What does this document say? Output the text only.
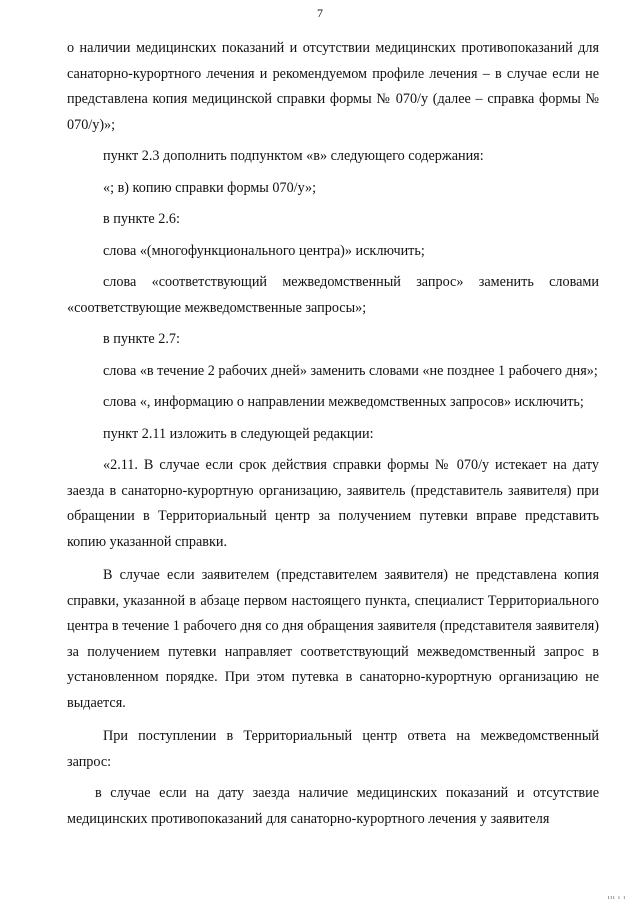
7

о наличии медицинских показаний и отсутствии медицинских противопоказаний для санаторно-курортного лечения и рекомендуемом профиле лечения – в случае если не представлена копия медицинской справки формы № 070/у (далее – справка формы № 070/у)»;

пункт 2.3 дополнить подпунктом «в» следующего содержания:

«; в) копию справки формы 070/у»;

в пункте 2.6:

слова «(многофункционального центра)» исключить;

слова «соответствующий межведомственный запрос» заменить словами «соответствующие межведомственные запросы»;

в пункте 2.7:

слова «в течение 2 рабочих дней» заменить словами «не позднее 1 рабочего дня»;

слова «, информацию о направлении межведомственных запросов» исключить;

пункт 2.11 изложить в следующей редакции:

«2.11. В случае если срок действия справки формы № 070/у истекает на дату заезда в санаторно-курортную организацию, заявитель (представитель заявителя) при обращении в Территориальный центр за получением путевки вправе представить копию указанной справки.

В случае если заявителем (представителем заявителя) не представлена копия справки, указанной в абзаце первом настоящего пункта, специалист Территориального центра в течение 1 рабочего дня со дня обращения заявителя (представителя заявителя) за получением путевки направляет соответствующий межведомственный запрос в установленном порядке. При этом путевка в санаторно-курортную организацию не выдается.

При поступлении в Территориальный центр ответа на межведомственный запрос:

в случае если на дату заезда наличие медицинских показаний и отсутствие медицинских противопоказаний для санаторно-курортного лечения у заявителя

ııı ı ı
